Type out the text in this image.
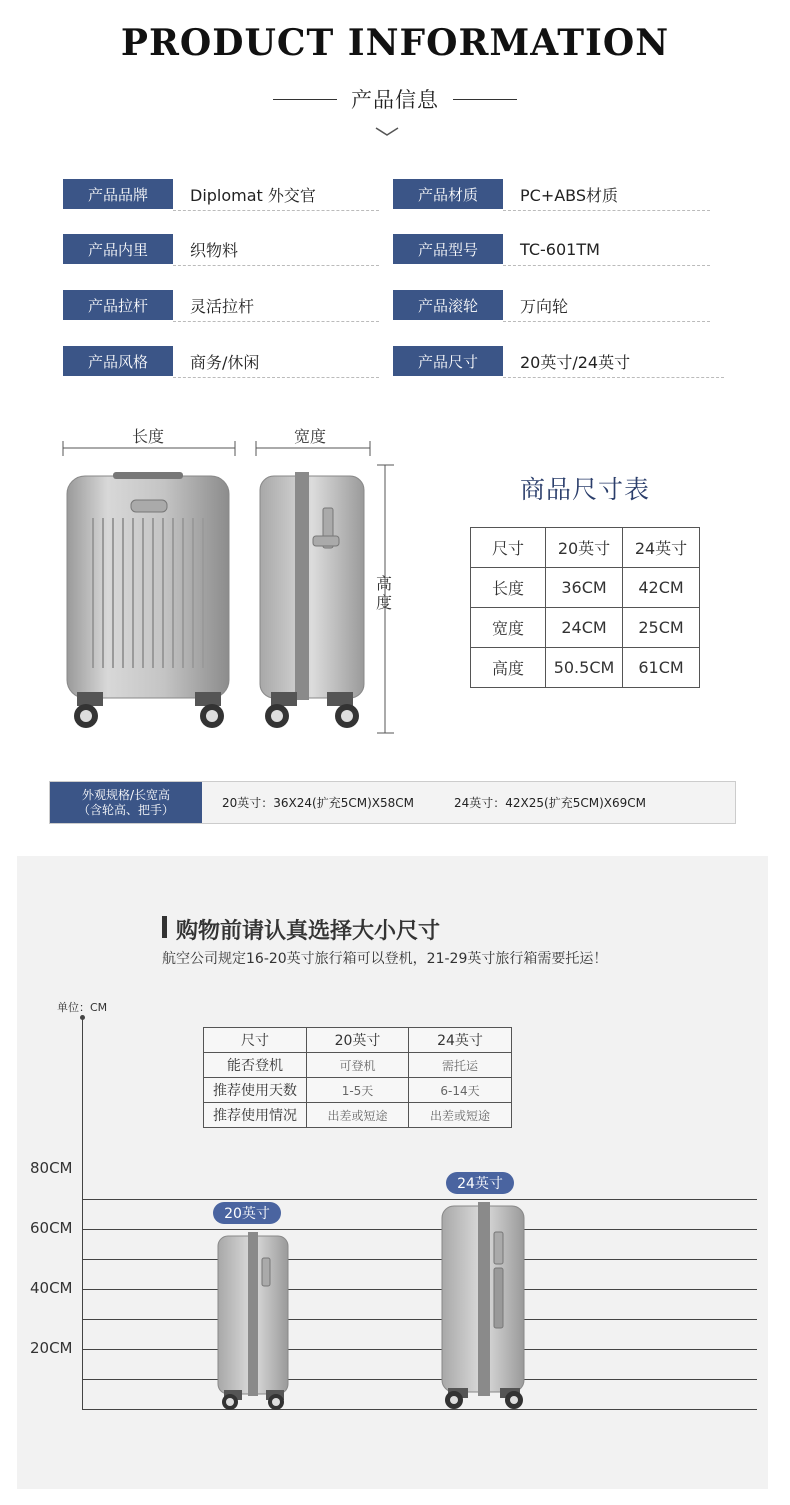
PRODUCT INFORMATION
产品信息
产品品牌	Diplomat 外交官	产品材质	PC+ABS材质
产品内里	织物料	产品型号	TC-601TM
产品拉杆	灵活拉杆	产品滚轮	万向轮
产品风格	商务/休闲	产品尺寸	20英寸/24英寸
长度	宽度
高度
商品尺寸表
尺寸	20英寸	24英寸
长度	36CM	42CM
宽度	24CM	25CM
高度	50.5CM	61CM
外观规格/长宽高
（含轮高、把手）	20英寸：36X24(扩充5CM)X58CM	24英寸：42X25(扩充5CM)X69CM
购物前请认真选择大小尺寸
航空公司规定16-20英寸旅行箱可以登机，21-29英寸旅行箱需要托运！
单位：CM
80CM
60CM
40CM
20CM
尺寸	20英寸	24英寸
能否登机	可登机	需托运
推荐使用天数	1-5天	6-14天
推荐使用情况	出差或短途	出差或短途
20英寸
24英寸
